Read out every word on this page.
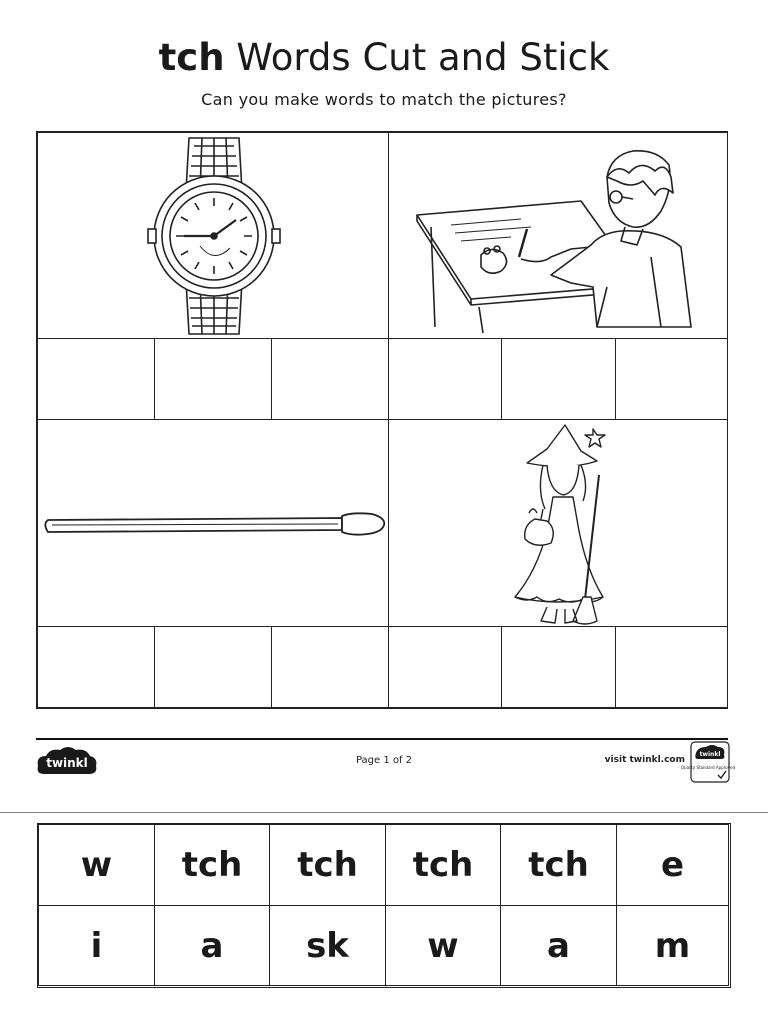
tch Words Cut and Stick
Can you make words to match the pictures?
twinkl	Page 1 of 2	visit twinkl.com
twinkl
Quality Standard Approved
w	tch	tch	tch	tch	e
i	a	sk	w	a	m
